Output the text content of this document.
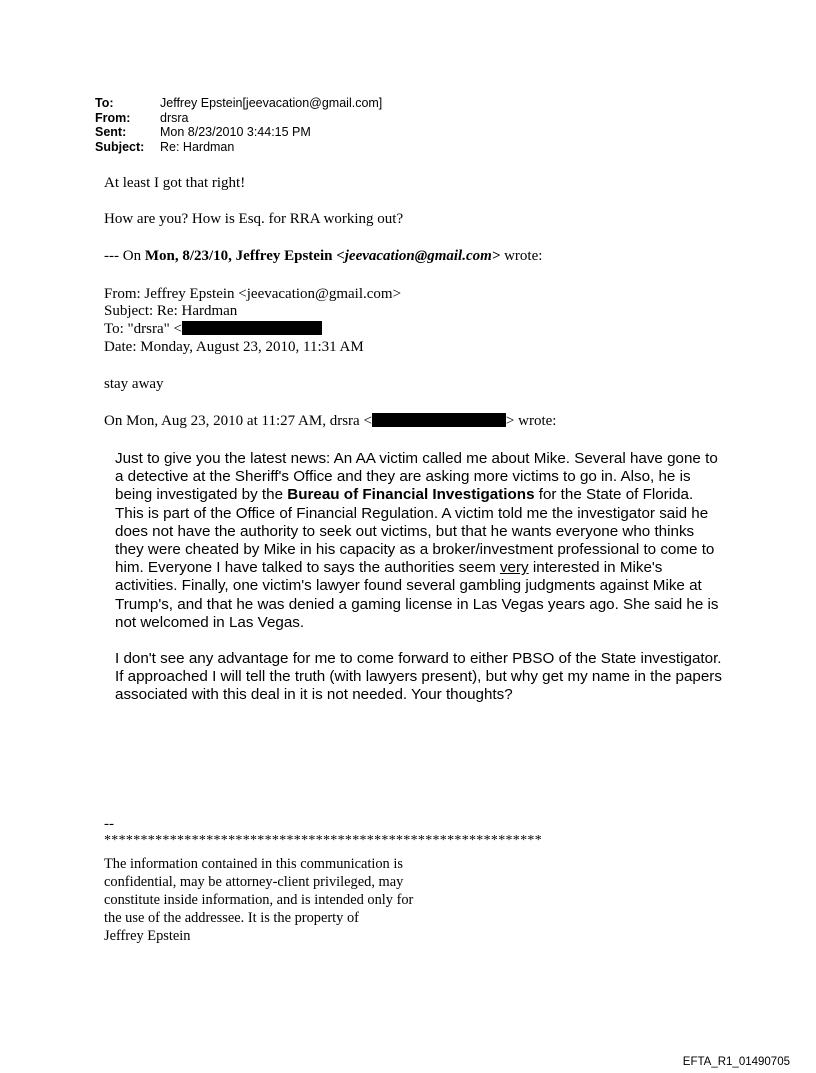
To:	Jeffrey Epstein[jeevacation@gmail.com]
From:	drsra
Sent:	Mon 8/23/2010 3:44:15 PM
Subject:	Re: Hardman
At least I got that right!
How are you? How is Esq. for RRA working out?
--- On Mon, 8/23/10, Jeffrey Epstein <jeevacation@gmail.com> wrote:
From: Jeffrey Epstein <jeevacation@gmail.com>
Subject: Re: Hardman
To: "drsra" <
Date: Monday, August 23, 2010, 11:31 AM
stay away
On Mon, Aug 23, 2010 at 11:27 AM, drsra <	> wrote:

Just to give you the latest news: An AA victim called me about Mike. Several have gone to a detective at the Sheriff's Office and they are asking more victims to go in. Also, he is being investigated by the Bureau of Financial Investigations for the State of Florida. This is part of the Office of Financial Regulation. A victim told me the investigator said he does not have the authority to seek out victims, but that he wants everyone who thinks they were cheated by Mike in his capacity as a broker/investment professional to come to him. Everyone I have talked to says the authorities seem very interested in Mike's activities. Finally, one victim's lawyer found several gambling judgments against Mike at Trump's, and that he was denied a gaming license in Las Vegas years ago. She said he is not welcomed in Las Vegas.

I don't see any advantage for me to come forward to either PBSO of the State investigator. If approached I will tell the truth (with lawyers present), but why get my name in the papers associated with this deal in it is not needed. Your thoughts?

--
************************************************************
The information contained in this communication is
confidential, may be attorney-client privileged, may
constitute inside information, and is intended only for
the use of the addressee. It is the property of
Jeffrey Epstein
EFTA_R1_01490705
